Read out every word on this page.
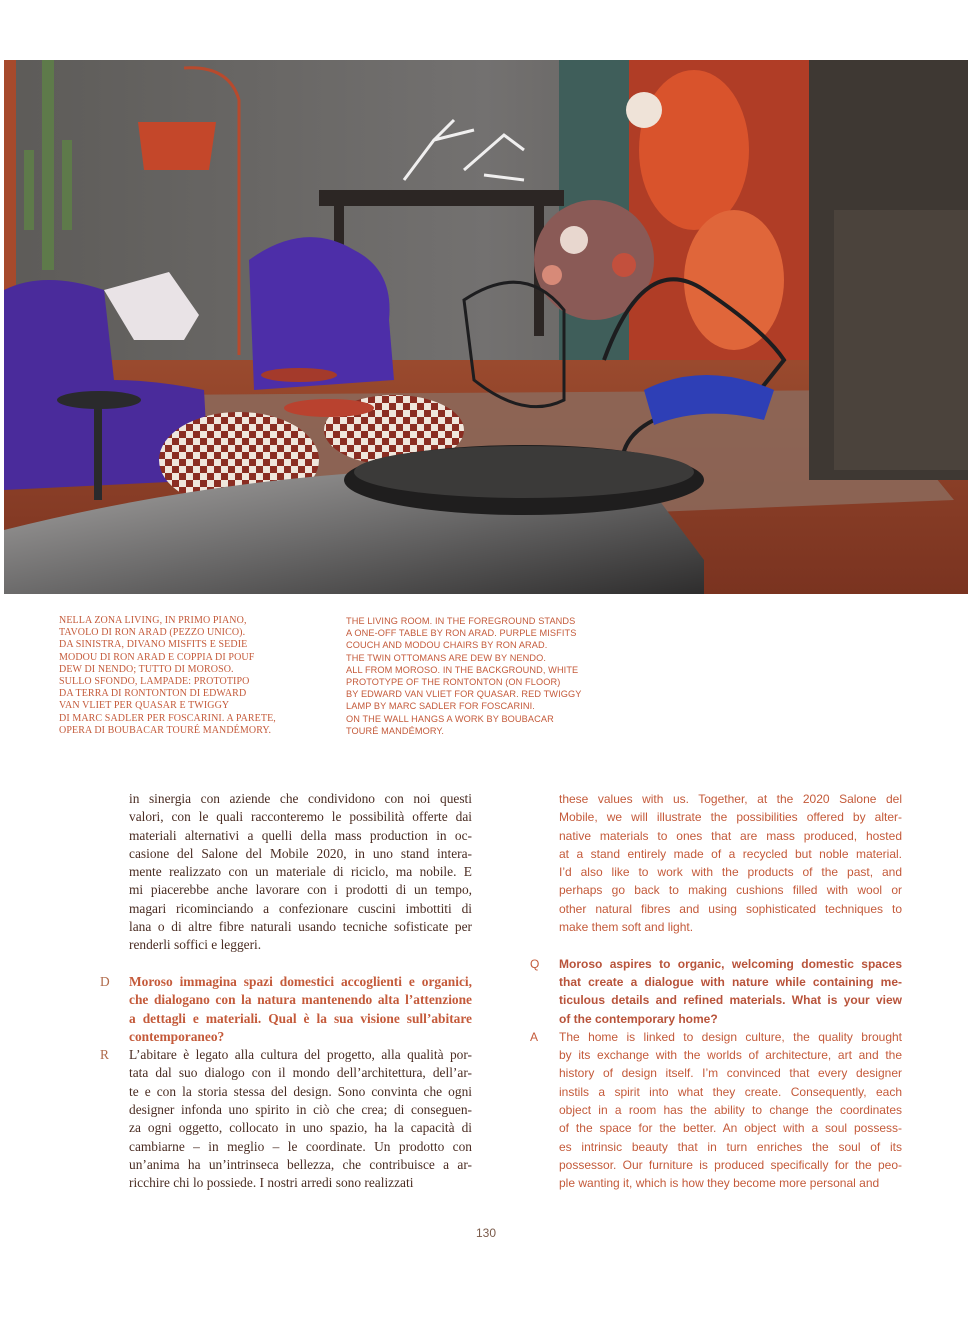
NELLA ZONA LIVING, IN PRIMO PIANO,
TAVOLO DI RON ARAD (PEZZO UNICO).
DA SINISTRA, DIVANO MISFITS E SEDIE
MODOU DI RON ARAD E COPPIA DI POUF
DEW DI NENDO; TUTTO DI MOROSO.
SULLO SFONDO, LAMPADE: PROTOTIPO
DA TERRA DI RONTONTON DI EDWARD
VAN VLIET PER QUASAR E TWIGGY
DI MARC SADLER PER FOSCARINI. A PARETE,
OPERA DI BOUBACAR TOURÉ MANDÉMORY.
THE LIVING ROOM. IN THE FOREGROUND STANDS
A ONE-OFF TABLE BY RON ARAD. PURPLE MISFITS
COUCH AND MODOU CHAIRS BY RON ARAD.
THE TWIN OTTOMANS ARE DEW BY NENDO.
ALL FROM MOROSO. IN THE BACKGROUND, WHITE
PROTOTYPE OF THE RONTONTON (ON FLOOR)
BY EDWARD VAN VLIET FOR QUASAR. RED TWIGGY
LAMP BY MARC SADLER FOR FOSCARINI.
ON THE WALL HANGS A WORK BY BOUBACAR
TOURÉ MANDÉMORY.
in sinergia con aziende che condividono con noi questi
valori, con le quali racconteremo le possibilità offerte dai
materiali alternativi a quelli della mass production in oc-
casione del Salone del Mobile 2020, in uno stand intera-
mente realizzato con un materiale di riciclo, ma nobile. E
mi piacerebbe anche lavorare con i prodotti di un tempo,
magari ricominciando a confezionare cuscini imbottiti di
lana o di altre fibre naturali usando tecniche sofisticate per
renderli soffici e leggeri.
D	Moroso immagina spazi domestici accoglienti e organici,
che dialogano con la natura mantenendo alta l’attenzione
a dettagli e materiali. Qual è la sua visione sull’abitare
contemporaneo?
R	L’abitare è legato alla cultura del progetto, alla qualità por-
tata dal suo dialogo con il mondo dell’architettura, dell’ar-
te e con la storia stessa del design. Sono convinta che ogni
designer infonda uno spirito in ciò che crea; di conseguen-
za ogni oggetto, collocato in uno spazio, ha la capacità di
cambiarne – in meglio – le coordinate. Un prodotto con
un’anima ha un’intrinseca bellezza, che contribuisce a ar-
ricchire chi lo possiede. I nostri arredi sono realizzati
these values with us. Together, at the 2020 Salone del
Mobile, we will illustrate the possibilities offered by alter-
native materials to ones that are mass produced, hosted
at a stand entirely made of a recycled but noble material.
I’d also like to work with the products of the past, and
perhaps go back to making cushions filled with wool or
other natural fibres and using sophisticated techniques to
make them soft and light.
Q	Moroso aspires to organic, welcoming domestic spaces
that create a dialogue with nature while containing me-
ticulous details and refined materials. What is your view
of the contemporary home?
A	The home is linked to design culture, the quality brought
by its exchange with the worlds of architecture, art and the
history of design itself. I’m convinced that every designer
instils a spirit into what they create. Consequently, each
object in a room has the ability to change the coordinates
of the space for the better. An object with a soul possess-
es intrinsic beauty that in turn enriches the soul of its
possessor. Our furniture is produced specifically for the peo-
ple wanting it, which is how they become more personal and

130
